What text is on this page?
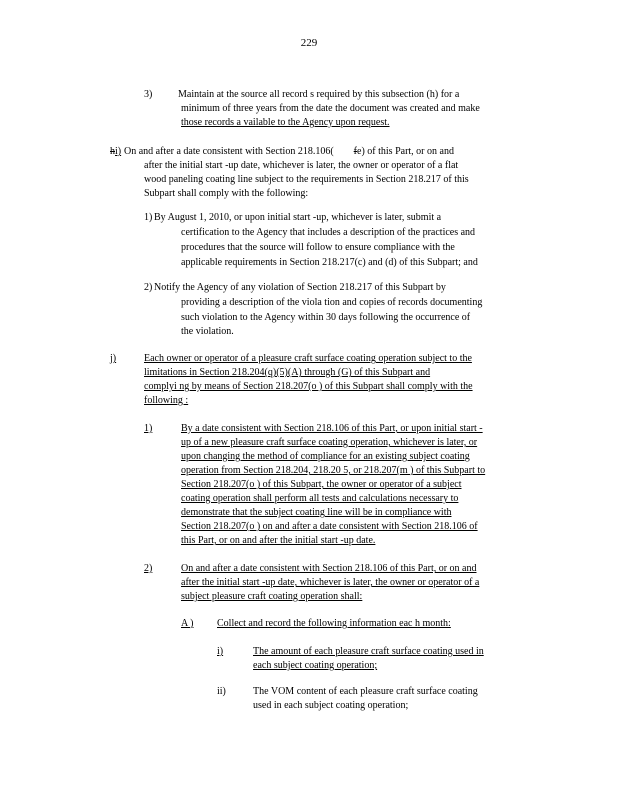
229
3)	Maintain at the source all record s required by this subsection (h) for a
minimum of three years from the date the document was created and make
those records a vailable to the Agency upon request.
hi) On and after a date consistent with Section 218.106( fe) of this Part, or on and
after the initial start -up date, whichever is later, the owner or operator of a flat
wood paneling coating line subject to the requirements in Section 218.217 of this
Subpart shall comply with the following:
1) By August 1, 2010, or upon initial start -up, whichever is later, submit a
certification to the Agency that includes a description of the practices and
procedures that the source will follow to ensure compliance with the
applicable requirements in Section 218.217(c) and (d) of this Subpart; and
2) Notify the Agency of any violation of Section 218.217 of this Subpart by
providing a description of the viola tion and copies of records documenting
such violation to the Agency within 30 days following the occurrence of
the violation.
j)	Each owner or operator of a pleasure craft surface coating operation subject to the
limitations in Section 218.204(q)(5)(A) through (G) of this Subpart and
complyi ng by means of Section 218.207(o ) of this Subpart shall comply with the
following :
1)	By a date consistent with Section 218.106 of this Part, or upon initial start -
up of a new pleasure craft surface coating operation, whichever is later, or
upon changing the method of compliance for an existing subject coating
operation from Section 218.204, 218.20 5, or 218.207(m ) of this Subpart to
Section 218.207(o ) of this Subpart, the owner or operator of a subject
coating operation shall perform all tests and calculations necessary to
demonstrate that the subject coating line will be in compliance with
Section 218.207(o ) on and after a date consistent with Section 218.106 of
this Part, or on and after the initial start -up date.
2)	On and after a date consistent with Section 218.106 of this Part, or on and
after the initial start -up date, whichever is later, the owner or operator of a
subject pleasure craft coating operation shall:
A ) Collect and record the following information eac h month:
i)	The amount of each pleasure craft surface coating used in
each subject coating operation;
ii)	The VOM content of each pleasure craft surface coating
used in each subject coating operation;
